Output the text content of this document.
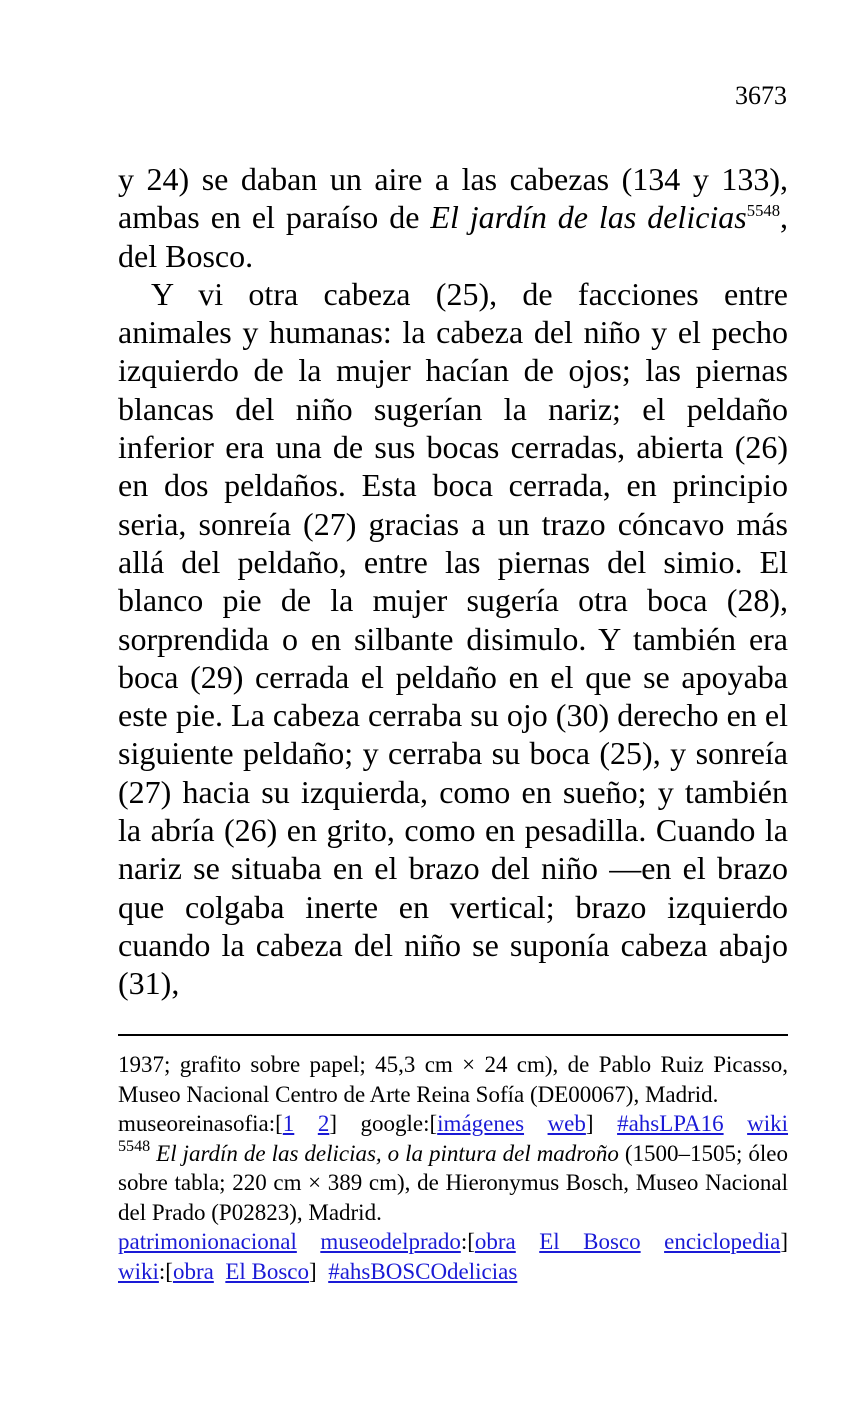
3673

y 24) se daban un aire a las cabezas (134 y 133), ambas en el paraíso de El jardín de las delicias$^{5548}$, del Bosco.

Y vi otra cabeza (25), de facciones entre animales y humanas: la cabeza del niño y el pecho izquierdo de la mujer hacían de ojos; las piernas blancas del niño sugerían la nariz; el peldaño inferior era una de sus bocas cerradas, abierta (26) en dos peldaños. Esta boca cerrada, en principio seria, sonreía (27) gracias a un trazo cóncavo más allá del peldaño, entre las piernas del simio. El blanco pie de la mujer sugería otra boca (28), sorprendida o en silbante disimulo. Y también era boca (29) cerrada el peldaño en el que se apoyaba este pie. La cabeza cerraba su ojo (30) derecho en el siguiente peldaño; y cerraba su boca (25), y sonreía (27) hacia su izquierda, como en sueño; y también la abría (26) en grito, como en pesadilla. Cuando la nariz se situaba en el brazo del niño —en el brazo que colgaba inerte en vertical; brazo izquierdo cuando la cabeza del niño se suponía cabeza abajo (31),

1937; grafito sobre papel; 45,3 cm × 24 cm), de Pablo Ruiz Picasso, Museo Nacional Centro de Arte Reina Sofía (DE00067), Madrid.

museoreinasofia:[1 2] google:[imágenes web] #ahsLPA16 wiki

$^{5548}$ El jardín de las delicias, o la pintura del madroño (1500–1505; óleo sobre tabla; 220 cm × 389 cm), de Hieronymus Bosch, Museo Nacional del Prado (P02823), Madrid.

patrimonionacional museodelprado:[obra El Bosco enciclopedia]

wiki:[obra El Bosco] #ahsBOSCOdelicias
